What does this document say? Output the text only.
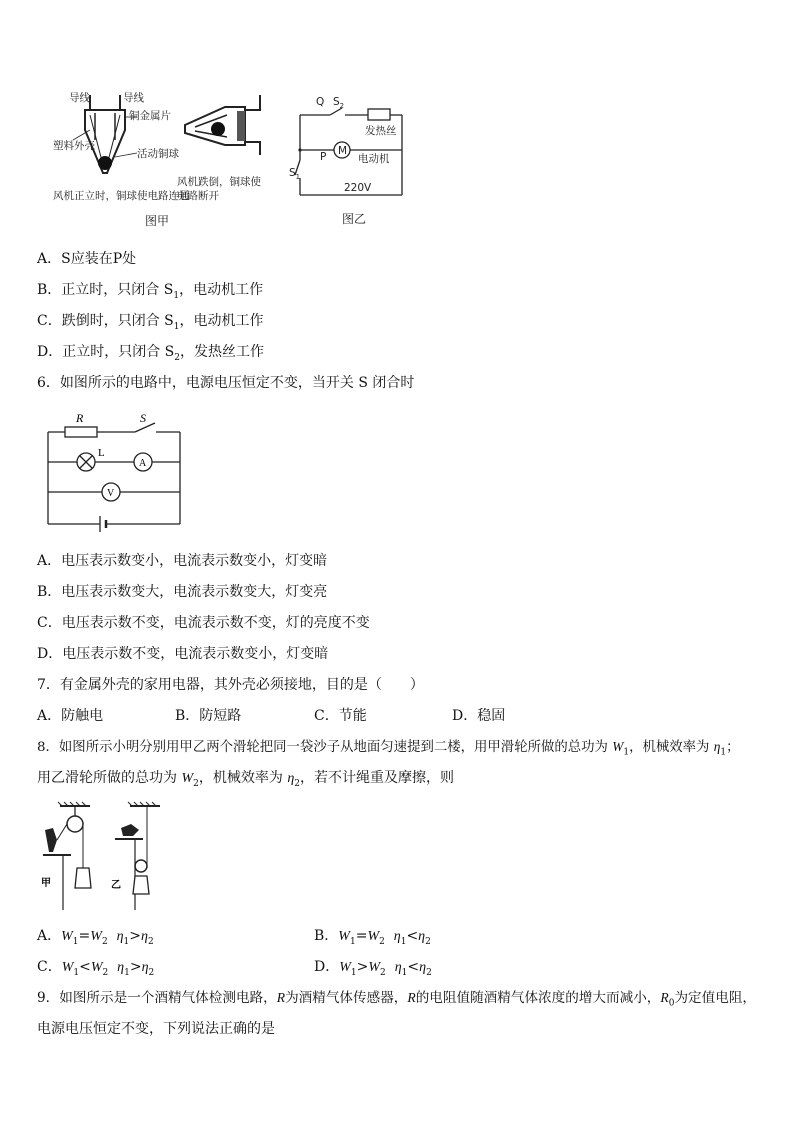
导线	导线
铜金属片
塑料外壳
活动铜球
风机正立时，铜球使电路连通
风机跌倒，铜球使
电路断开
图甲
Q $S_2$
发热丝
P M
电动机
$S_1$
220V
图乙
A．S应装在P处
B．正立时，只闭合 $S_1$，电动机工作
C．跌倒时，只闭合 $S_1$，电动机工作
D．正立时，只闭合 $S_2$，发热丝工作
6．如图所示的电路中，电源电压恒定不变，当开关 S 闭合时
R	S
L
A
V
A．电压表示数变小，电流表示数变小，灯变暗
B．电压表示数变大，电流表示数变大，灯变亮
C．电压表示数不变，电流表示数不变，灯的亮度不变
D．电压表示数不变，电流表示数变小，灯变暗
7．有金属外壳的家用电器，其外壳必须接地，目的是（　　）
A．防触电	B．防短路	C．节能	D．稳固
8．如图所示小明分别用甲乙两个滑轮把同一袋沙子从地面匀速提到二楼，用甲滑轮所做的总功为 $W_1$，机械效率为 $\eta_1$；
用乙滑轮所做的总功为 $W_2$，机械效率为 $\eta_2$，若不计绳重及摩擦，则
甲	乙
A．$W_1=W_2$ $\eta_1>\eta_2$	B．$W_1=W_2$ $\eta_1<\eta_2$
C．$W_1<W_2$ $\eta_1>\eta_2$	D．$W_1>W_2$ $\eta_1<\eta_2$
9．如图所示是一个酒精气体检测电路，R为酒精气体传感器，R的电阻值随酒精气体浓度的增大而减小，$R_0$为定值电阻，
电源电压恒定不变，下列说法正确的是
